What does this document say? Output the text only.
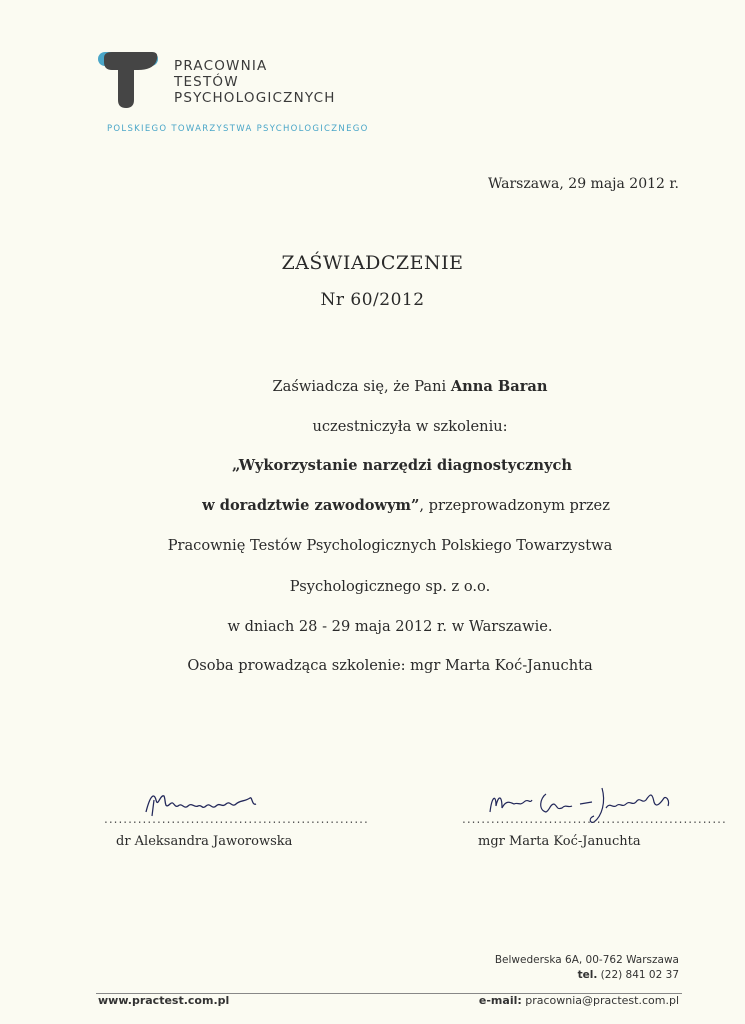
PRACOWNIA
TESTÓW
PSYCHOLOGICZNYCH
POLSKIEGO TOWARZYSTWA PSYCHOLOGICZNEGO
Warszawa, 29 maja 2012 r.
ZAŚWIADCZENIE
Nr 60/2012
Zaświadcza się, że Pani Anna Baran
uczestniczyła w szkoleniu:
„Wykorzystanie narzędzi diagnostycznych
w doradztwie zawodowym”, przeprowadzonym przez
Pracownię Testów Psychologicznych Polskiego Towarzystwa
Psychologicznego sp. z o.o.
w dniach 28 - 29 maja 2012 r. w Warszawie.
Osoba prowadząca szkolenie: mgr Marta Koć-Januchta
.......................................................
dr Aleksandra Jaworowska
.......................................................
mgr Marta Koć-Januchta
Belwederska 6A, 00-762 Warszawa
tel. (22) 841 02 37
www.practest.com.pl	e-mail: pracownia@practest.com.pl
